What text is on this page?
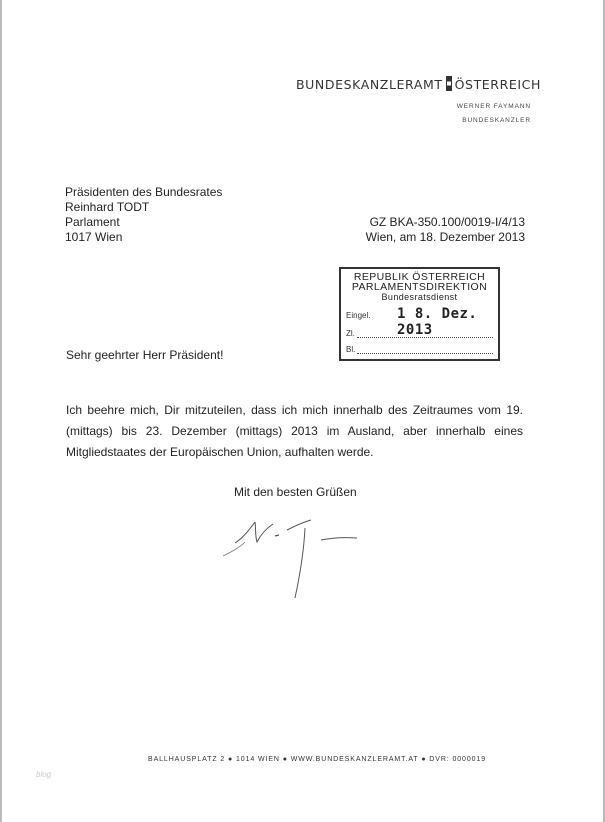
BUNDESKANZLERAMT ÖSTERREICH
WERNER FAYMANN
BUNDESKANZLER
Präsidenten des Bundesrates
Reinhard TODT
Parlament
1017 Wien
GZ BKA-350.100/0019-I/4/13
Wien, am 18. Dezember 2013
REPUBLIK ÖSTERREICH
PARLAMENTSDIREKTION
Bundesratsdienst
Eingel. 1 8. Dez. 2013
Zl.
Bl.
Sehr geehrter Herr Präsident!
Ich beehre mich, Dir mitzuteilen, dass ich mich innerhalb des Zeitraumes vom 19. (mittags) bis 23. Dezember (mittags) 2013 im Ausland, aber innerhalb eines Mitgliedstaates der Europäischen Union, aufhalten werde.
Mit den besten Grüßen
BALLHAUSPLATZ 2 ● 1014 WIEN ● WWW.BUNDESKANZLERAMT.AT ● DVR: 0000019
blog
